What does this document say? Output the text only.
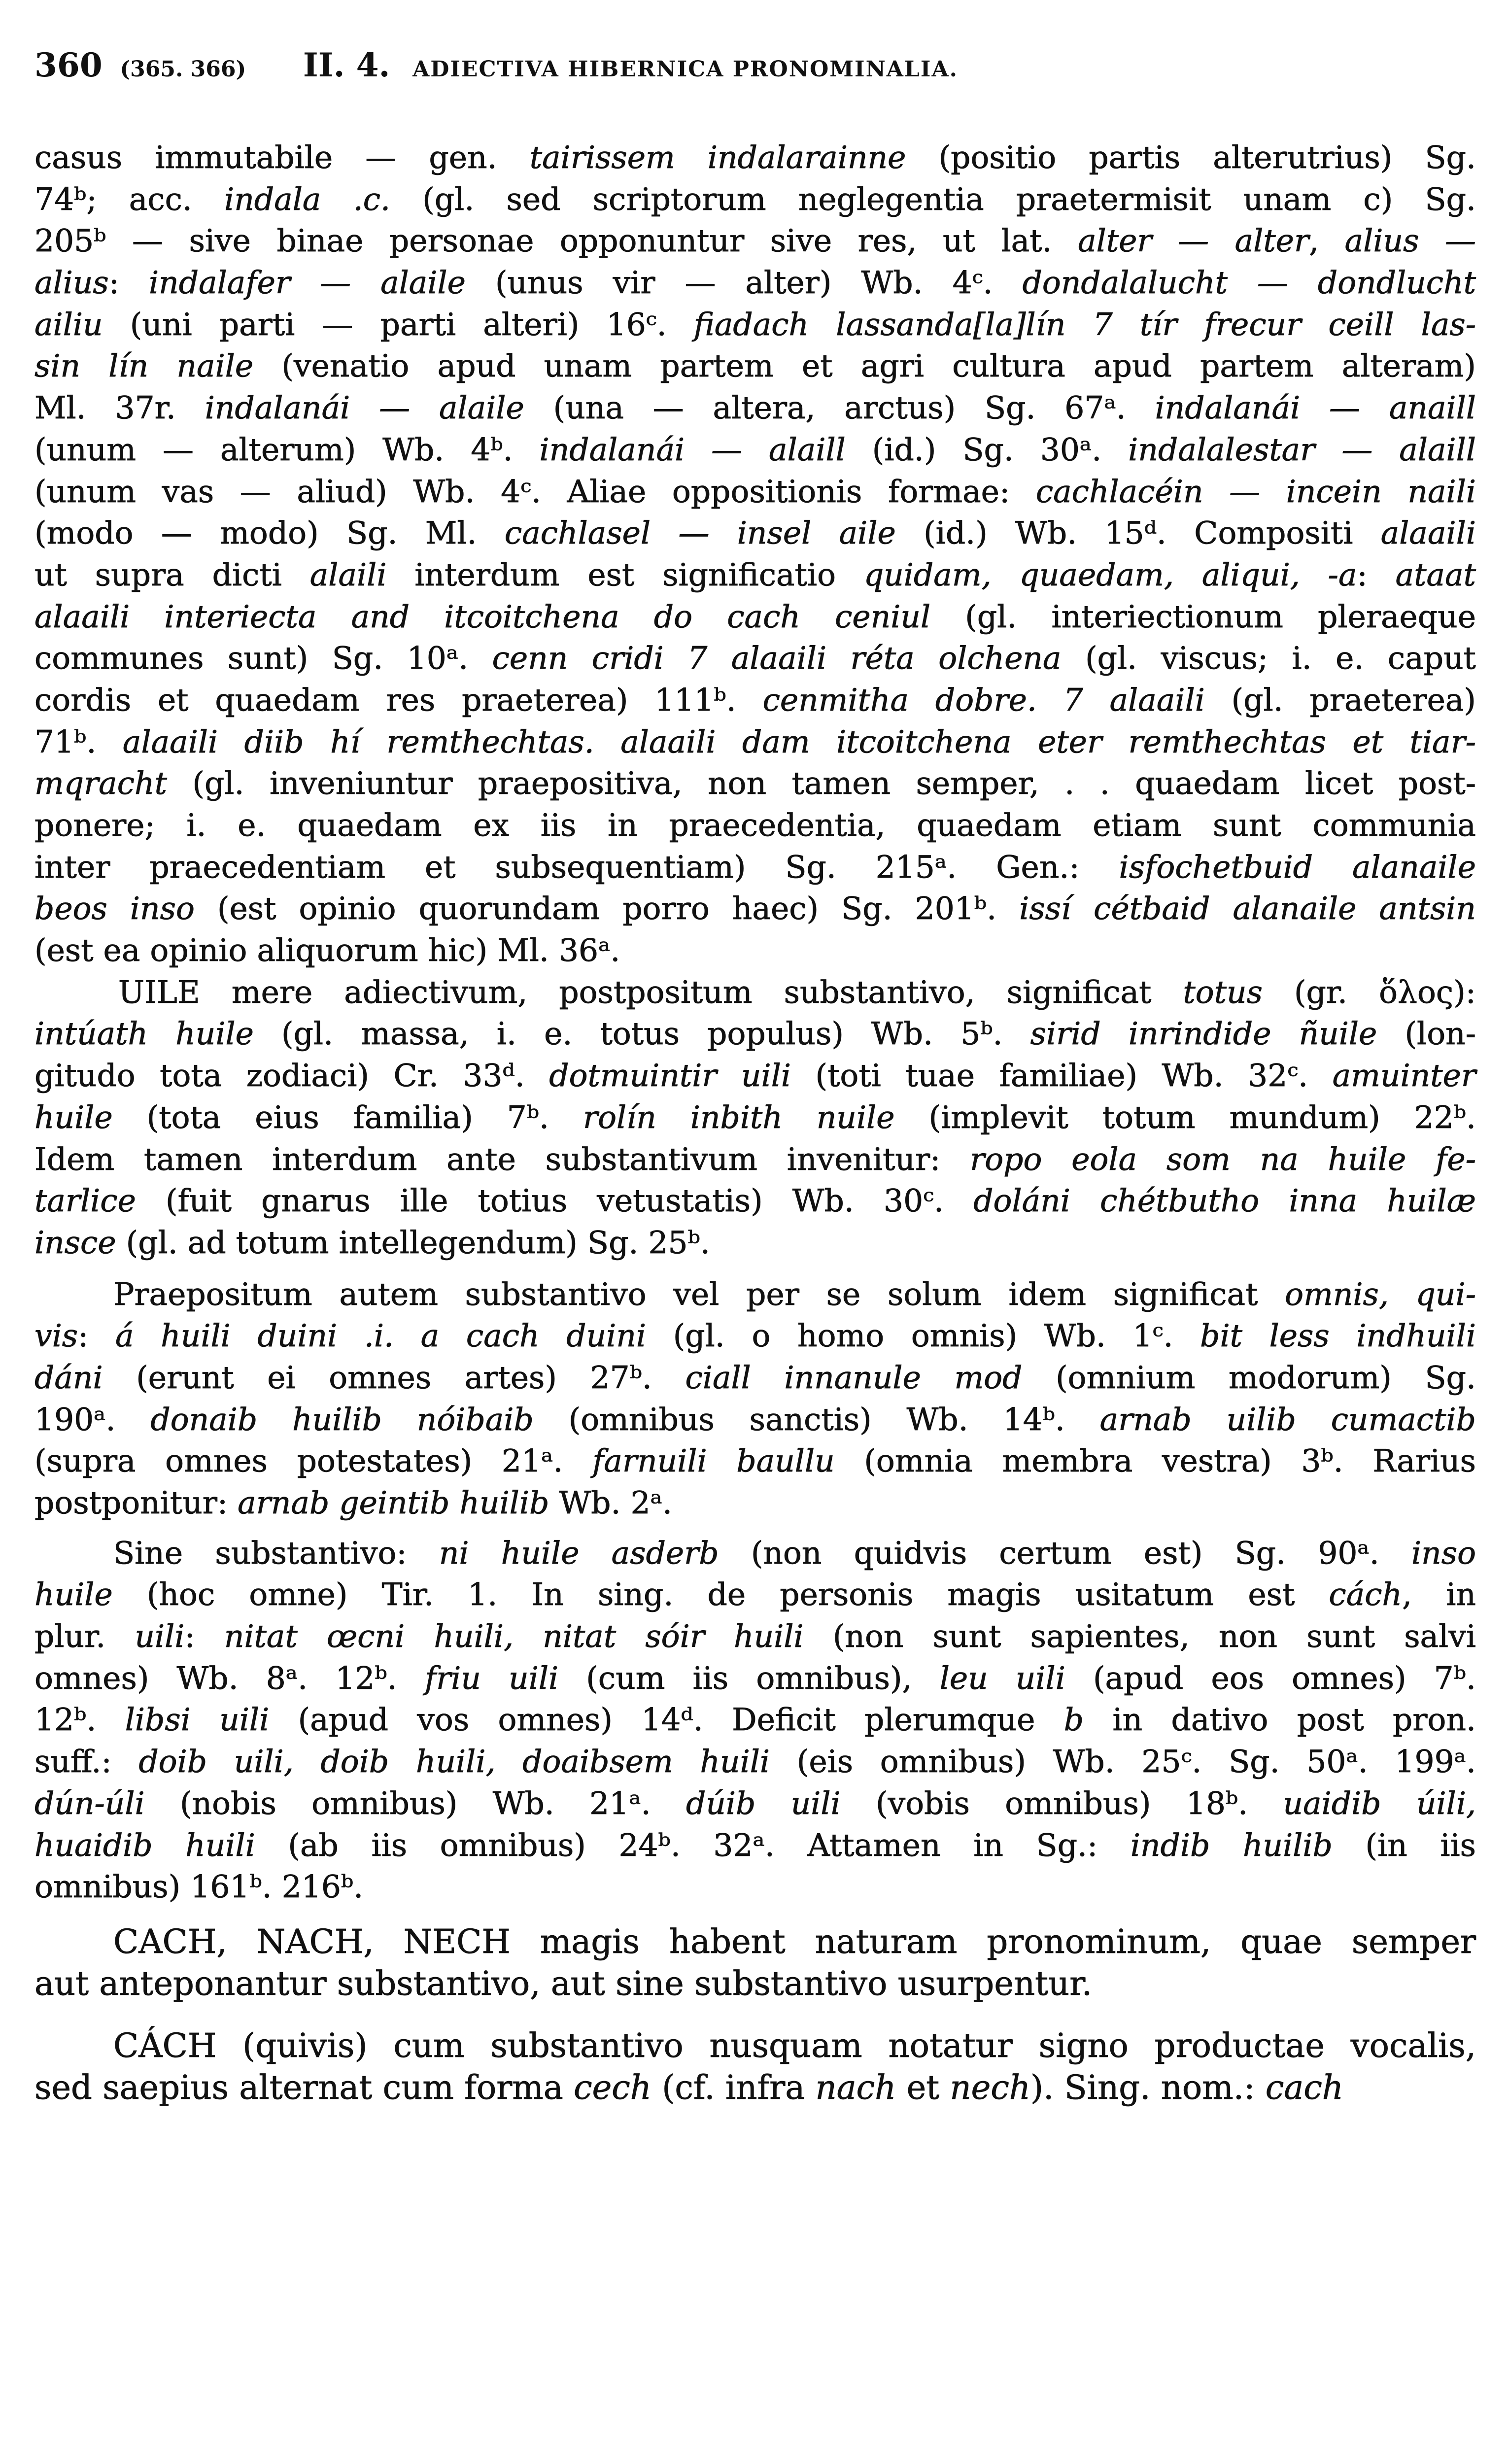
360 (365. 366) II. 4. ADIECTIVA HIBERNICA PRONOMINALIA.
casus immutabile — gen. tairissem indalarainne (positio partis alterutrius) Sg.
74ᵇ; acc. indala .c. (gl. sed scriptorum neglegentia praetermisit unam c) Sg.
205ᵇ — sive binae personae opponuntur sive res, ut lat. alter — alter, alius —
alius: indalafer — alaile (unus vir — alter) Wb. 4ᶜ. dondalalucht — dondlucht
ailiu (uni parti — parti alteri) 16ᶜ. fiadach lassanda[la]lín 7 tír frecur ceill las-
sin lín naile (venatio apud unam partem et agri cultura apud partem alteram)
Ml. 37r. indalanái — alaile (una — altera, arctus) Sg. 67ᵃ. indalanái — anaill
(unum — alterum) Wb. 4ᵇ. indalanái — alaill (id.) Sg. 30ᵃ. indalalestar — alaill
(unum vas — aliud) Wb. 4ᶜ. Aliae oppositionis formae: cachlacéin — incein naili
(modo — modo) Sg. Ml. cachlasel — insel aile (id.) Wb. 15ᵈ. Compositi alaaili
ut supra dicti alaili interdum est significatio quidam, quaedam, aliqui, -a: ataat
alaaili interiecta and itcoitchena do cach ceniul (gl. interiectionum pleraeque
communes sunt) Sg. 10ᵃ. cenn cridi 7 alaaili réta olchena (gl. viscus; i. e. caput
cordis et quaedam res praeterea) 111ᵇ. cenmitha dobre. 7 alaaili (gl. praeterea)
71ᵇ. alaaili diib hí remthechtas. alaaili dam itcoitchena eter remthechtas et tiar-
mqracht (gl. inveniuntur praepositiva, non tamen semper, . . quaedam licet post-
ponere; i. e. quaedam ex iis in praecedentia, quaedam etiam sunt communia
inter praecedentiam et subsequentiam) Sg. 215ᵃ. Gen.: isfochetbuid alanaile
beos inso (est opinio quorundam porro haec) Sg. 201ᵇ. issí cétbaid alanaile antsin
(est ea opinio aliquorum hic) Ml. 36ᵃ.
UILE mere adiectivum, postpositum substantivo, significat totus (gr. ὅλος):
intúath huile (gl. massa, i. e. totus populus) Wb. 5ᵇ. sirid inrindide ñuile (lon-
gitudo tota zodiaci) Cr. 33ᵈ. dotmuintir uili (toti tuae familiae) Wb. 32ᶜ. amuinter
huile (tota eius familia) 7ᵇ. rolín inbith nuile (implevit totum mundum) 22ᵇ.
Idem tamen interdum ante substantivum invenitur: ropo eola som na huile fe-
tarlice (fuit gnarus ille totius vetustatis) Wb. 30ᶜ. doláni chétbutho inna huilæ
insce (gl. ad totum intellegendum) Sg. 25ᵇ.
Praepositum autem substantivo vel per se solum idem significat omnis, qui-
vis: á huili duini .i. a cach duini (gl. o homo omnis) Wb. 1ᶜ. bit less indhuili
dáni (erunt ei omnes artes) 27ᵇ. ciall innanule mod (omnium modorum) Sg.
190ᵃ. donaib huilib nóibaib (omnibus sanctis) Wb. 14ᵇ. arnab uilib cumactib
(supra omnes potestates) 21ᵃ. farnuili baullu (omnia membra vestra) 3ᵇ. Rarius
postponitur: arnab geintib huilib Wb. 2ᵃ.
Sine substantivo: ni huile asderb (non quidvis certum est) Sg. 90ᵃ. inso
huile (hoc omne) Tir. 1. In sing. de personis magis usitatum est cách, in
plur. uili: nitat œcni huili, nitat sóir huili (non sunt sapientes, non sunt salvi
omnes) Wb. 8ᵃ. 12ᵇ. friu uili (cum iis omnibus), leu uili (apud eos omnes) 7ᵇ.
12ᵇ. libsi uili (apud vos omnes) 14ᵈ. Deficit plerumque b in dativo post pron.
suff.: doib uili, doib huili, doaibsem huili (eis omnibus) Wb. 25ᶜ. Sg. 50ᵃ. 199ᵃ.
dún-úli (nobis omnibus) Wb. 21ᵃ. dúib uili (vobis omnibus) 18ᵇ. uaidib úili,
huaidib huili (ab iis omnibus) 24ᵇ. 32ᵃ. Attamen in Sg.: indib huilib (in iis
omnibus) 161ᵇ. 216ᵇ.
CACH, NACH, NECH magis habent naturam pronominum, quae semper
aut anteponantur substantivo, aut sine substantivo usurpentur.
CÁCH (quivis) cum substantivo nusquam notatur signo productae vocalis,
sed saepius alternat cum forma cech (cf. infra nach et nech). Sing. nom.: cach
